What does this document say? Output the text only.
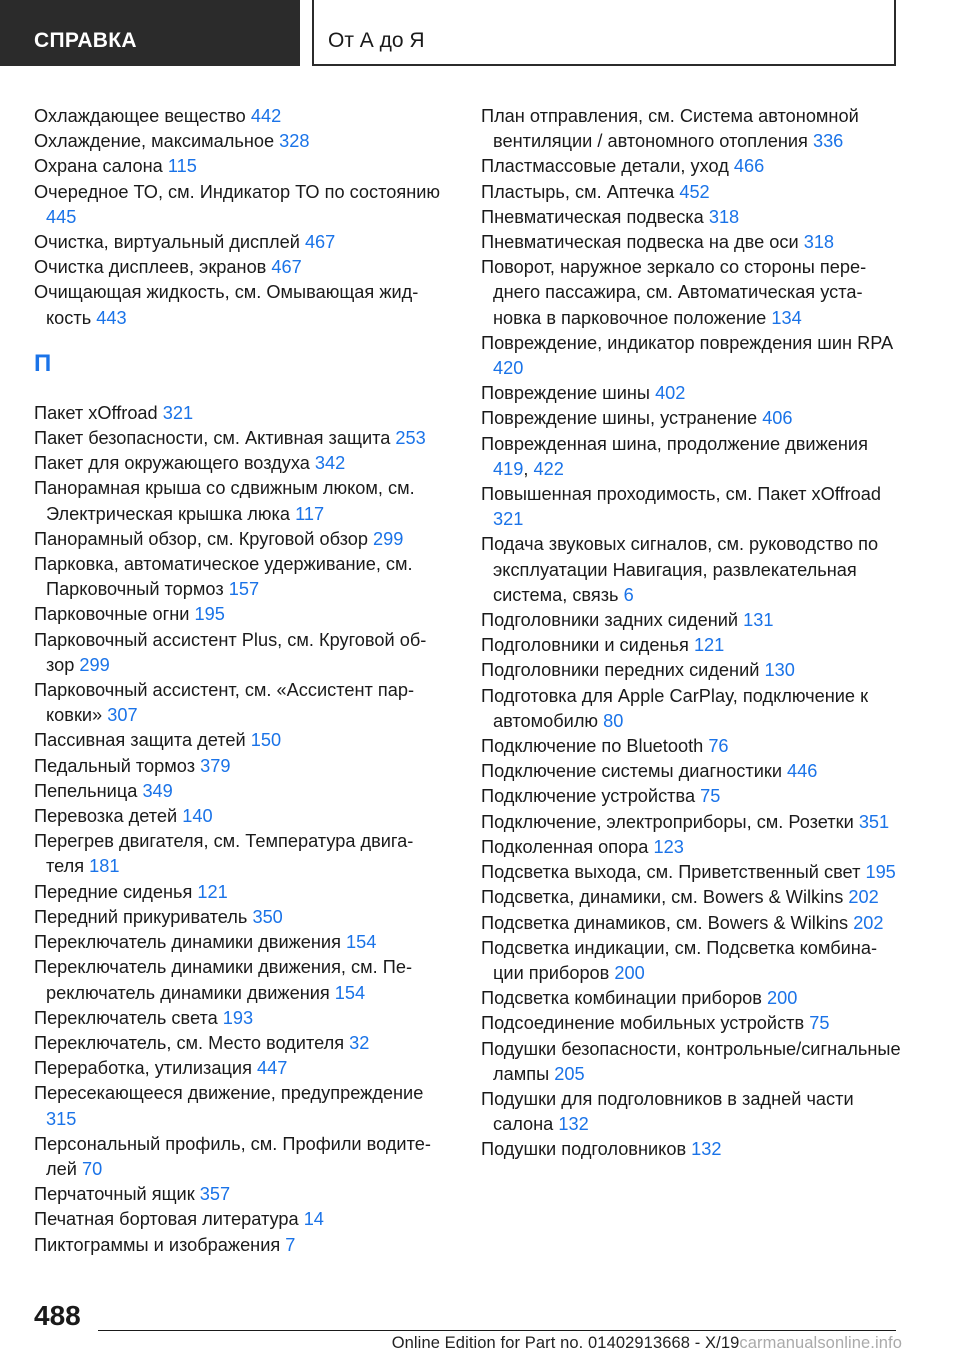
СПРАВКА	От А до Я
Охлаждающее вещество 442
Охлаждение, максимальное 328
Охрана салона 115
Очередное ТО, см. Индикатор ТО по состоянию 445
Очистка, виртуальный дисплей 467
Очистка дисплеев, экранов 467
Очищающая жидкость, см. Омывающая жидкость 443
П
Пакет xOffroad 321
Пакет безопасности, см. Активная защита 253
Пакет для окружающего воздуха 342
Панорамная крыша со сдвижным люком, см. Электрическая крышка люка 117
Панорамный обзор, см. Круговой обзор 299
Парковка, автоматическое удерживание, см. Парковочный тормоз 157
Парковочные огни 195
Парковочный ассистент Plus, см. Круговой обзор 299
Парковочный ассистент, см. «Ассистент парковки» 307
Пассивная защита детей 150
Педальный тормоз 379
Пепельница 349
Перевозка детей 140
Перегрев двигателя, см. Температура двигателя 181
Передние сиденья 121
Передний прикуриватель 350
Переключатель динамики движения 154
Переключатель динамики движения, см. Переключатель динамики движения 154
Переключатель света 193
Переключатель, см. Место водителя 32
Переработка, утилизация 447
Пересекающееся движение, предупреждение 315
Персональный профиль, см. Профили водителей 70
Перчаточный ящик 357
Печатная бортовая литература 14
Пиктограммы и изображения 7
План отправления, см. Система автономной вентиляции / автономного отопления 336
Пластмассовые детали, уход 466
Пластырь, см. Аптечка 452
Пневматическая подвеска 318
Пневматическая подвеска на две оси 318
Поворот, наружное зеркало со стороны переднего пассажира, см. Автоматическая установка в парковочное положение 134
Повреждение, индикатор повреждения шин RPA 420
Повреждение шины 402
Повреждение шины, устранение 406
Поврежденная шина, продолжение движения 419, 422
Повышенная проходимость, см. Пакет xOffroad 321
Подача звуковых сигналов, см. руководство по эксплуатации Навигация, развлекательная система, связь 6
Подголовники задних сидений 131
Подголовники и сиденья 121
Подголовники передних сидений 130
Подготовка для Apple CarPlay, подключение к автомобилю 80
Подключение по Bluetooth 76
Подключение системы диагностики 446
Подключение устройства 75
Подключение, электроприборы, см. Розетки 351
Подколенная опора 123
Подсветка выхода, см. Приветственный свет 195
Подсветка, динамики, см. Bowers & Wilkins 202
Подсветка динамиков, см. Bowers & Wilkins 202
Подсветка индикации, см. Подсветка комбинации приборов 200
Подсветка комбинации приборов 200
Подсоединение мобильных устройств 75
Подушки безопасности, контрольные/сигнальные лампы 205
Подушки для подголовников в задней части салона 132
Подушки подголовников 132
488
Online Edition for Part no. 01402913668 - X/19carmanualsonline.info
